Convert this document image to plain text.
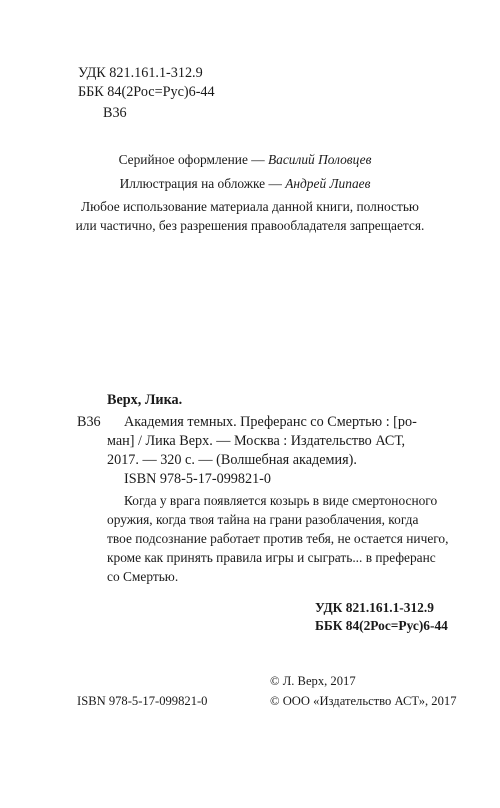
УДК 821.161.1-312.9
ББК 84(2Рос=Рус)6-44
В36
Серийное оформление — Василий Половцев
Иллюстрация на обложке — Андрей Липаев
Любое использование материала данной книги, полностью
или частично, без разрешения правообладателя запрещается.
Верх, Лика.
В36 Академия темных. Преферанс со Смертью : [ро-
ман] / Лика Верх. — Москва : Издательство АСТ,
2017. — 320 с. — (Волшебная академия).
ISBN 978-5-17-099821-0
Когда у врага появляется козырь в виде смертоносного
оружия, когда твоя тайна на грани разоблачения, когда
твое подсознание работает против тебя, не остается ничего,
кроме как принять правила игры и сыграть... в преферанс
со Смертью.
УДК 821.161.1-312.9
ББК 84(2Рос=Рус)6-44
ISBN 978-5-17-099821-0
© Л. Верх, 2017
© ООО «Издательство АСТ», 2017
